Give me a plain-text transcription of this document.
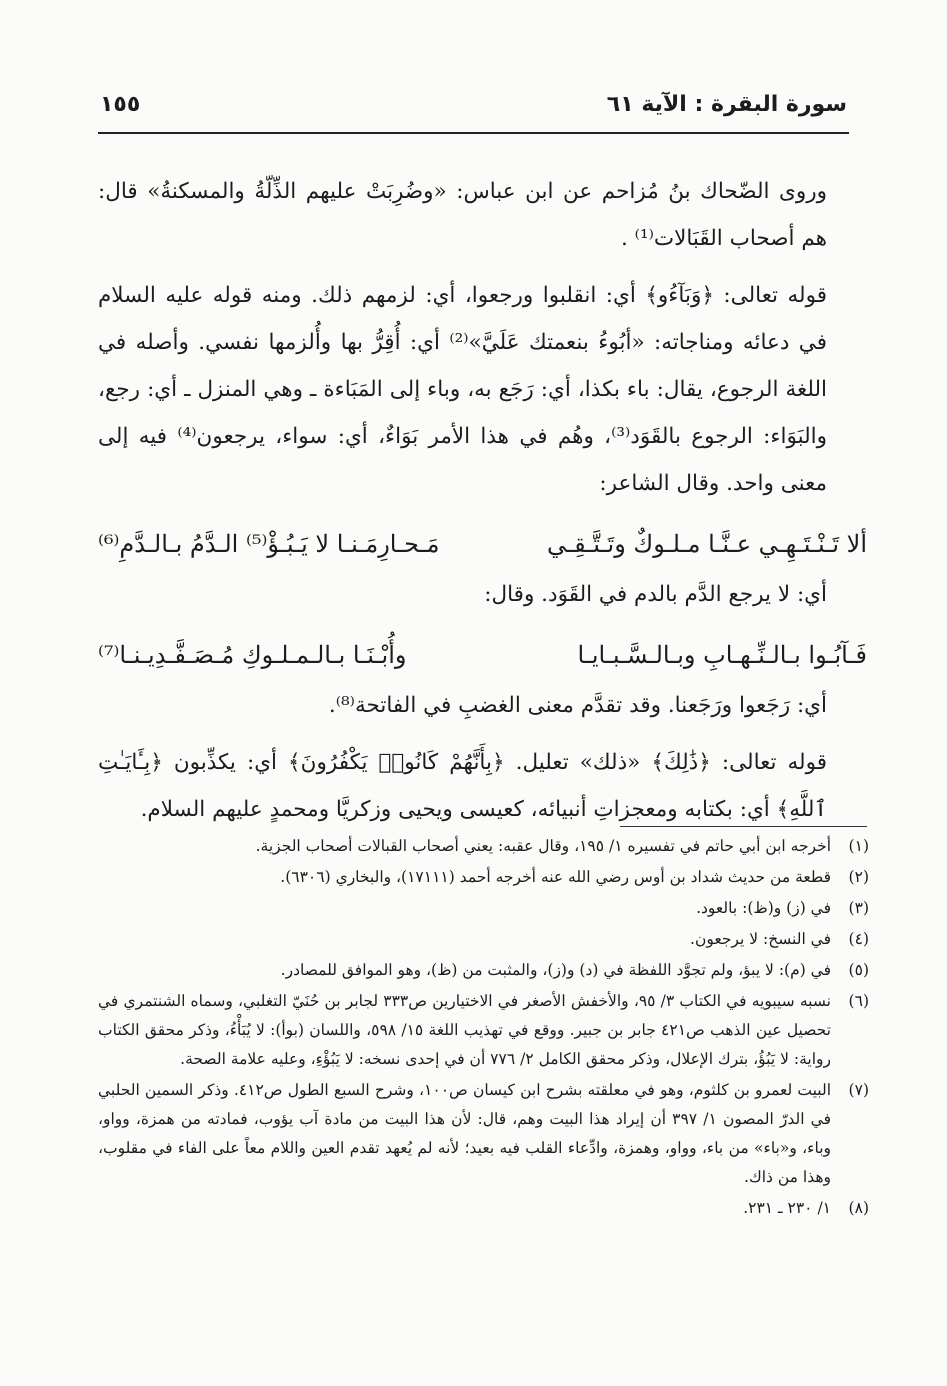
سورة البقرة : الآية ٦١
١٥٥

وروى الضّحاك بنُ مُزاحم عن ابن عباس: «وضُرِبَتْ عليهم الذِّلّةُ والمسكنةُ» قال: هم أصحاب القَبَالات⁽¹⁾ .

قوله تعالى: ﴿وَبَآءُو﴾ أي: انقلبوا ورجعوا، أي: لزمهم ذلك. ومنه قوله عليه السلام في دعائه ومناجاته: «أبُوءُ بنعمتك عَلَيَّ»⁽²⁾ أي: أُقِرُّ بها وأُلزمها نفسي. وأصله في اللغة الرجوع، يقال: باء بكذا، أي: رَجَع به، وباء إلى المَبَاءة ـ وهي المنزل ـ أي: رجع، والبَوَاء: الرجوع بالقَوَد⁽³⁾، وهُم في هذا الأمر بَوَاءٌ، أي: سواء، يرجعون⁽⁴⁾ فيه إلى معنى واحد. وقال الشاعر:

ألا تَـنْـتَـهِـي عـنَّـا مـلـوكٌ وتَـتَّـقِـي
مَـحـارِمَـنـا لا يَـبُـؤْ⁽⁵⁾ الـدَّمُ بـالـدَّمِ⁽⁶⁾

أي: لا يرجع الدَّم بالدم في القَوَد. وقال:

فَـآبُـوا بـالـنِّـهـابِ وبـالـسَّـبـايـا
وأُبْـنَـا بـالـمـلـوكِ مُـصَـفَّـدِيـنـا⁽⁷⁾

أي: رَجَعوا ورَجَعنا. وقد تقدَّم معنى الغضبِ في الفاتحة⁽⁸⁾.

قوله تعالى: ﴿ذَٰلِكَ﴾ «ذلك» تعليل. ﴿بِأَنَّهُمْ كَانُوا۟ يَكْفُرُونَ﴾ أي: يكذِّبون ﴿بِـَٔايَـٰتِ ٱللَّهِ﴾ أي: بكتابه ومعجزاتِ أنبيائه، كعيسى ويحيى وزكريَّا ومحمدٍ عليهم السلام.

(١)
أخرجه ابن أبي حاتم في تفسيره ١/ ١٩٥، وقال عقبه: يعني أصحاب القبالات أصحاب الجزية.
(٢)
قطعة من حديث شداد بن أوس رضي الله عنه أخرجه أحمد (١٧١١١)، والبخاري (٦٣٠٦).
(٣)
في (ز) و(ظ): بالعود.
(٤)
في النسخ: لا يرجعون.
(٥)
في (م): لا يبؤ، ولم تجوَّد اللفظة في (د) و(ز)، والمثبت من (ظ)، وهو الموافق للمصادر.
(٦)
نسبه سيبويه في الكتاب ٣/ ٩٥، والأخفش الأصغر في الاختيارين ص٣٣٣ لجابر بن حُنَيّ التغلبي، وسماه الشنتمري في تحصيل عين الذهب ص٤٢١ جابر بن جبير. ووقع في تهذيب اللغة ١٥/ ٥٩٨، واللسان (بوأ): لا يُبَأْءُ، وذكر محقق الكتاب رواية: لا يَبُؤُ، بترك الإعلال، وذكر محقق الكامل ٢/ ٧٧٦ أن في إحدى نسخه: لا يَبُؤْءِ، وعليه علامة الصحة.
(٧)
البيت لعمرو بن كلثوم، وهو في معلقته بشرح ابن كيسان ص١٠٠، وشرح السبع الطول ص٤١٢. وذكر السمين الحلبي في الدرّ المصون ١/ ٣٩٧ أن إيراد هذا البيت وهم، قال: لأن هذا البيت من مادة آب يؤوب، فمادته من همزة، وواو، وباء، و«باء» من باء، وواو، وهمزة، وادِّعاء القلب فيه بعيد؛ لأنه لم يُعهد تقدم العين واللام معاً على الفاء في مقلوب، وهذا من ذاك.
(٨)
١/ ٢٣٠ ـ ٢٣١.
